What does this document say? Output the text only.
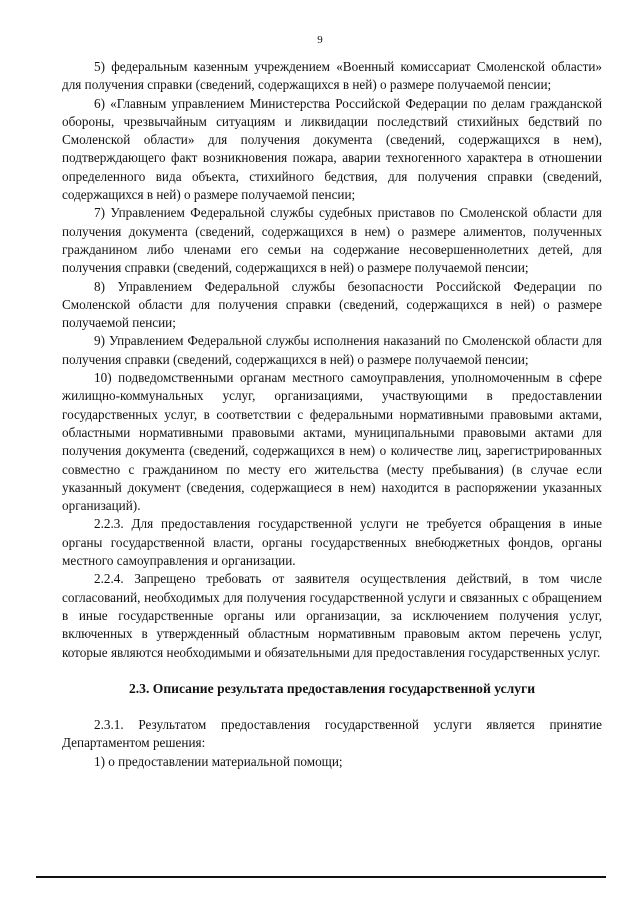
9

5) федеральным казенным учреждением «Военный комиссариат Смоленской области» для получения справки (сведений, содержащихся в ней) о размере получаемой пенсии;

6) «Главным управлением Министерства Российской Федерации по делам гражданской обороны, чрезвычайным ситуациям и ликвидации последствий стихийных бедствий по Смоленской области» для получения документа (сведений, содержащихся в нем), подтверждающего факт возникновения пожара, аварии техногенного характера в отношении определенного вида объекта, стихийного бедствия, для получения справки (сведений, содержащихся в ней) о размере получаемой пенсии;

7) Управлением Федеральной службы судебных приставов по Смоленской области для получения документа (сведений, содержащихся в нем) о размере алиментов, полученных гражданином либо членами его семьи на содержание несовершеннолетних детей, для получения справки (сведений, содержащихся в ней) о размере получаемой пенсии;

8) Управлением Федеральной службы безопасности Российской Федерации по Смоленской области для получения справки (сведений, содержащихся в ней) о размере получаемой пенсии;

9) Управлением Федеральной службы исполнения наказаний по Смоленской области для получения справки (сведений, содержащихся в ней) о размере получаемой пенсии;

10) подведомственными органам местного самоуправления, уполномоченным в сфере жилищно-коммунальных услуг, организациями, участвующими в предоставлении государственных услуг, в соответствии с федеральными нормативными правовыми актами, областными нормативными правовыми актами, муниципальными правовыми актами для получения документа (сведений, содержащихся в нем) о количестве лиц, зарегистрированных совместно с гражданином по месту его жительства (месту пребывания) (в случае если указанный документ (сведения, содержащиеся в нем) находится в распоряжении указанных организаций).

2.2.3. Для предоставления государственной услуги не требуется обращения в иные органы государственной власти, органы государственных внебюджетных фондов, органы местного самоуправления и организации.

2.2.4. Запрещено требовать от заявителя осуществления действий, в том числе согласований, необходимых для получения государственной услуги и связанных с обращением в иные государственные органы или организации, за исключением получения услуг, включенных в утвержденный областным нормативным правовым актом перечень услуг, которые являются необходимыми и обязательными для предоставления государственных услуг.

2.3. Описание результата предоставления государственной услуги

2.3.1. Результатом предоставления государственной услуги является принятие Департаментом решения:

1) о предоставлении материальной помощи;
